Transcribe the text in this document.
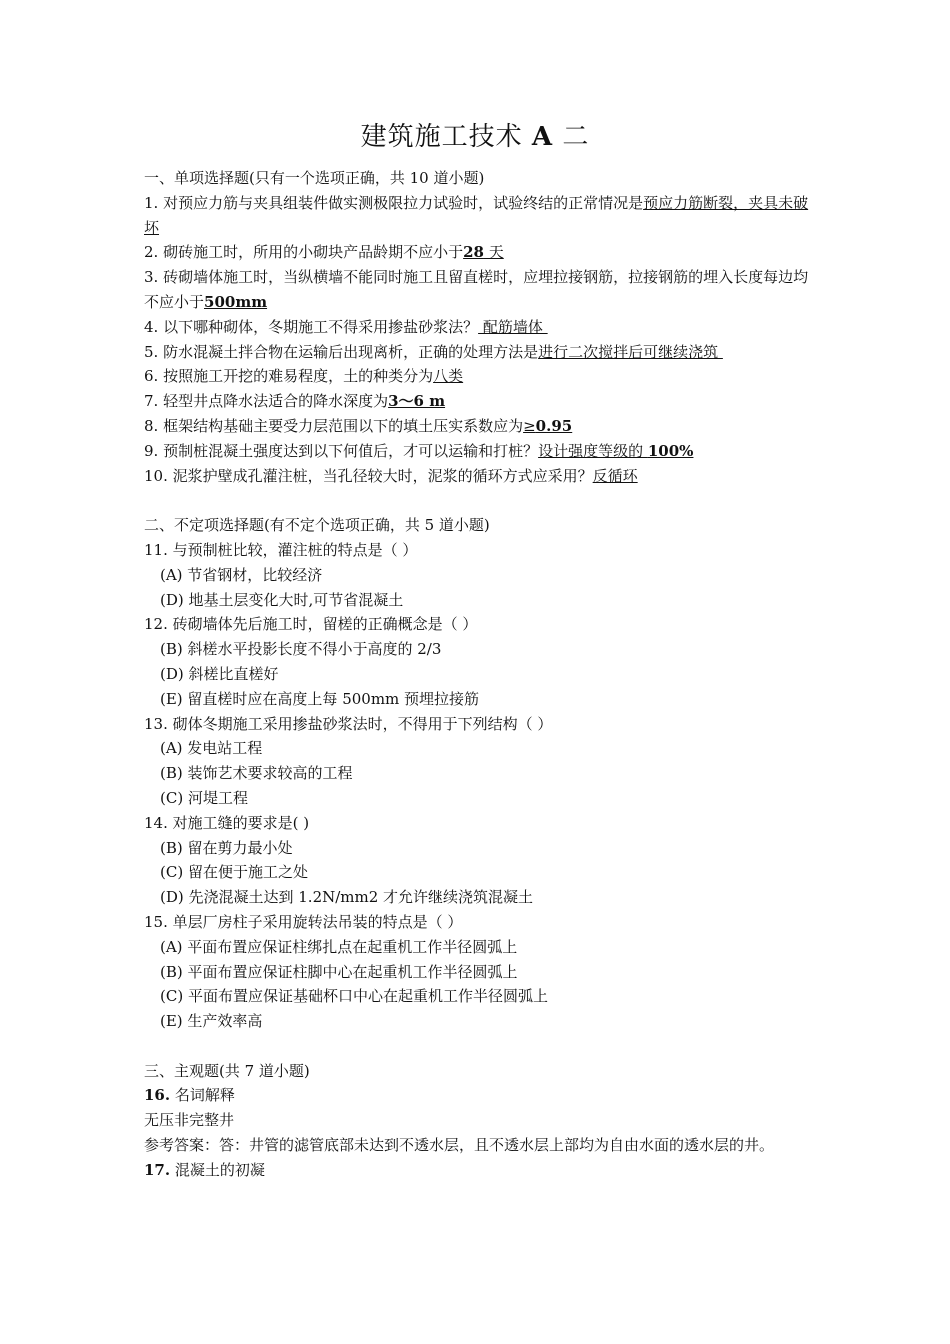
建筑施工技术 A 二
一、单项选择题(只有一个选项正确，共 10 道小题)
1. 对预应力筋与夹具组装件做实测极限拉力试验时，试验终结的正常情况是预应力筋断裂，夹具未破坏
2. 砌砖施工时，所用的小砌块产品龄期不应小于28 天
3. 砖砌墙体施工时，当纵横墙不能同时施工且留直槎时，应埋拉接钢筋，拉接钢筋的埋入长度每边均不应小于500mm
4. 以下哪种砌体，冬期施工不得采用掺盐砂浆法？ 配筋墙体
5. 防水混凝土拌合物在运输后出现离析，正确的处理方法是进行二次搅拌后可继续浇筑
6. 按照施工开挖的难易程度，土的种类分为八类
7. 轻型井点降水法适合的降水深度为3～6 m
8. 框架结构基础主要受力层范围以下的填土压实系数应为≥0.95
9. 预制桩混凝土强度达到以下何值后，才可以运输和打桩？设计强度等级的 100%
10. 泥浆护壁成孔灌注桩，当孔径较大时，泥浆的循环方式应采用？反循环
二、不定项选择题(有不定个选项正确，共 5 道小题)
11. 与预制桩比较，灌注桩的特点是（ ）
(A) 节省钢材，比较经济
(D) 地基土层变化大时,可节省混凝土
12. 砖砌墙体先后施工时，留槎的正确概念是（ ）
(B) 斜槎水平投影长度不得小于高度的 2/3
(D) 斜槎比直槎好
(E) 留直槎时应在高度上每 500mm 预埋拉接筋
13. 砌体冬期施工采用掺盐砂浆法时，不得用于下列结构（ ）
(A) 发电站工程
(B) 装饰艺术要求较高的工程
(C) 河堤工程
14. 对施工缝的要求是( )
(B) 留在剪力最小处
(C) 留在便于施工之处
(D) 先浇混凝土达到 1.2N/mm2 才允许继续浇筑混凝土
15. 单层厂房柱子采用旋转法吊装的特点是（ ）
(A) 平面布置应保证柱绑扎点在起重机工作半径圆弧上
(B) 平面布置应保证柱脚中心在起重机工作半径圆弧上
(C) 平面布置应保证基础杯口中心在起重机工作半径圆弧上
(E) 生产效率高
三、主观题(共 7 道小题)
16. 名词解释
无压非完整井
参考答案：答：井管的滤管底部未达到不透水层，且不透水层上部均为自由水面的透水层的井。
17. 混凝土的初凝
